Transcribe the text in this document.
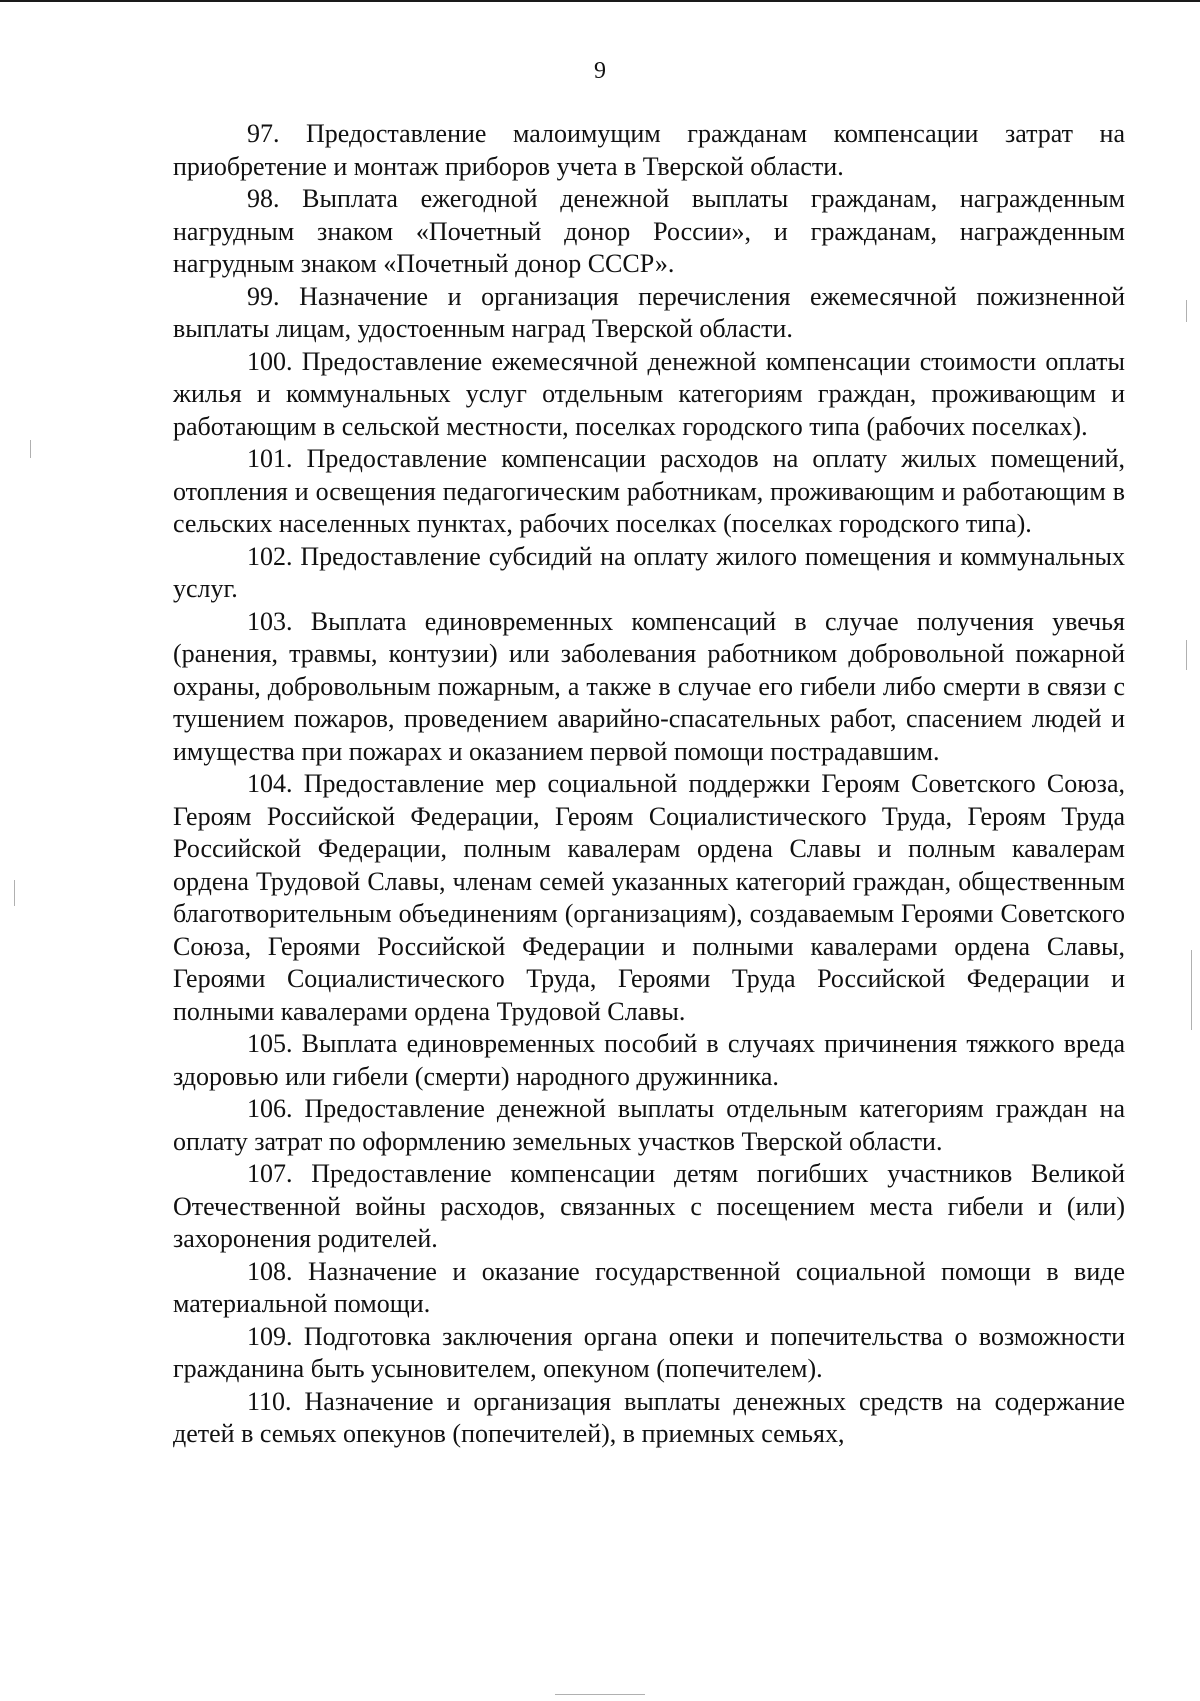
9

97. Предоставление малоимущим гражданам компенсации затрат на приобретение и монтаж приборов учета в Тверской области.

98. Выплата ежегодной денежной выплаты гражданам, награжденным нагрудным знаком «Почетный донор России», и гражданам, награжденным нагрудным знаком «Почетный донор СССР».

99. Назначение и организация перечисления ежемесячной пожизненной выплаты лицам, удостоенным наград Тверской области.

100. Предоставление ежемесячной денежной компенсации стоимости оплаты жилья и коммунальных услуг отдельным категориям граждан, проживающим и работающим в сельской местности, поселках городского типа (рабочих поселках).

101. Предоставление компенсации расходов на оплату жилых помещений, отопления и освещения педагогическим работникам, проживающим и работающим в сельских населенных пунктах, рабочих поселках (поселках городского типа).

102. Предоставление субсидий на оплату жилого помещения и коммунальных услуг.

103. Выплата единовременных компенсаций в случае получения увечья (ранения, травмы, контузии) или заболевания работником добровольной пожарной охраны, добровольным пожарным, а также в случае его гибели либо смерти в связи с тушением пожаров, проведением аварийно-спасательных работ, спасением людей и имущества при пожарах и оказанием первой помощи пострадавшим.

104. Предоставление мер социальной поддержки Героям Советского Союза, Героям Российской Федерации, Героям Социалистического Труда, Героям Труда Российской Федерации, полным кавалерам ордена Славы и полным кавалерам ордена Трудовой Славы, членам семей указанных категорий граждан, общественным благотворительным объединениям (организациям), создаваемым Героями Советского Союза, Героями Российской Федерации и полными кавалерами ордена Славы, Героями Социалистического Труда, Героями Труда Российской Федерации и полными кавалерами ордена Трудовой Славы.

105. Выплата единовременных пособий в случаях причинения тяжкого вреда здоровью или гибели (смерти) народного дружинника.

106. Предоставление денежной выплаты отдельным категориям граждан на оплату затрат по оформлению земельных участков Тверской области.

107. Предоставление компенсации детям погибших участников Великой Отечественной войны расходов, связанных с посещением места гибели и (или) захоронения родителей.

108. Назначение и оказание государственной социальной помощи в виде материальной помощи.

109. Подготовка заключения органа опеки и попечительства о возможности гражданина быть усыновителем, опекуном (попечителем).

110. Назначение и организация выплаты денежных средств на содержание детей в семьях опекунов (попечителей), в приемных семьях,
